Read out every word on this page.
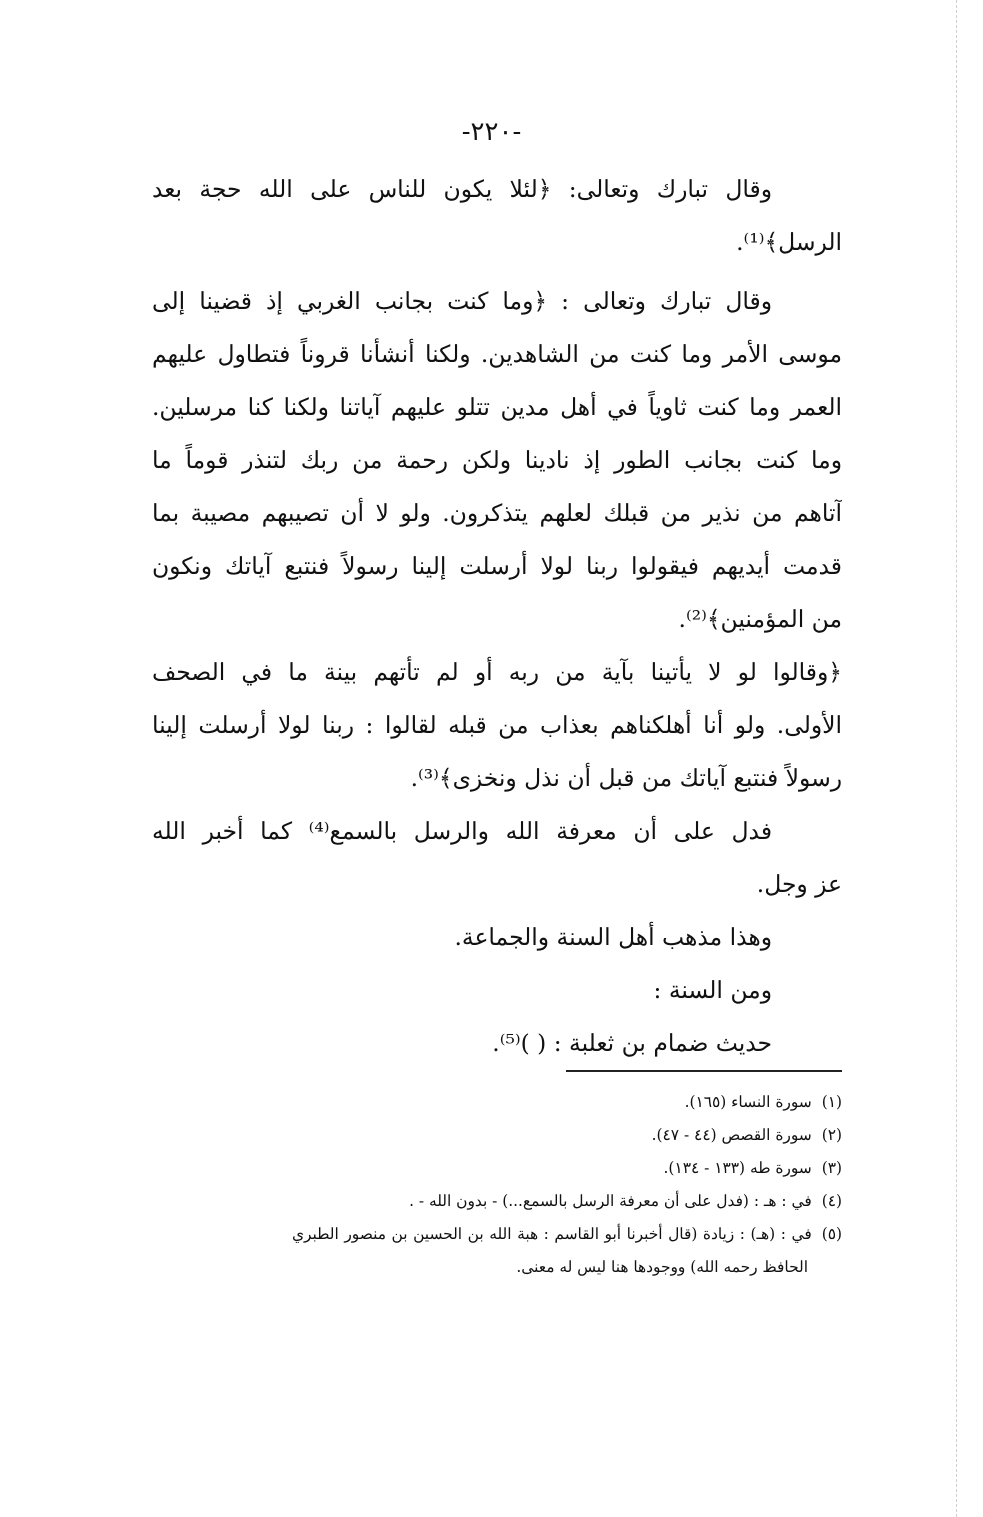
-٢٢٠-
وقال تبارك وتعالى: ﴿لئلا يكون للناس على الله حجة بعد
الرسل﴾⁽¹⁾.
وقال تبارك وتعالى : ﴿وما كنت بجانب الغربي إذ قضينا إلى
موسى الأمر وما كنت من الشاهدين. ولكنا أنشأنا قروناً فتطاول عليهم
العمر وما كنت ثاوياً في أهل مدين تتلو عليهم آياتنا ولكنا كنا مرسلين.
وما كنت بجانب الطور إذ نادينا ولكن رحمة من ربك لتنذر قوماً ما
آتاهم من نذير من قبلك لعلهم يتذكرون. ولو لا أن تصيبهم مصيبة بما
قدمت أيديهم فيقولوا ربنا لولا أرسلت إلينا رسولاً فنتبع آياتك ونكون
من المؤمنين﴾⁽²⁾.
﴿وقالوا لو لا يأتينا بآية من ربه أو لم تأتهم بينة ما في الصحف
الأولى. ولو أنا أهلكناهم بعذاب من قبله لقالوا : ربنا لولا أرسلت إلينا
رسولاً فنتبع آياتك من قبل أن نذل ونخزى﴾⁽³⁾.
فدل على أن معرفة الله والرسل بالسمع⁽⁴⁾ كما أخبر الله
عز وجل.
وهذا مذهب أهل السنة والجماعة.
ومن السنة :
حديث ضمام بن ثعلبة : ( )⁽⁵⁾.
(١)سورة النساء (١٦٥).
(٢)سورة القصص (٤٤ - ٤٧).
(٣)سورة طه (١٣٣ - ١٣٤).
(٤)في : هـ : (فدل على أن معرفة الرسل بالسمع...) - بدون الله - .
(٥)في : (هـ) : زيادة (قال أخبرنا أبو القاسم : هبة الله بن الحسين بن منصور الطبري
الحافظ رحمه الله) ووجودها هنا ليس له معنى.
